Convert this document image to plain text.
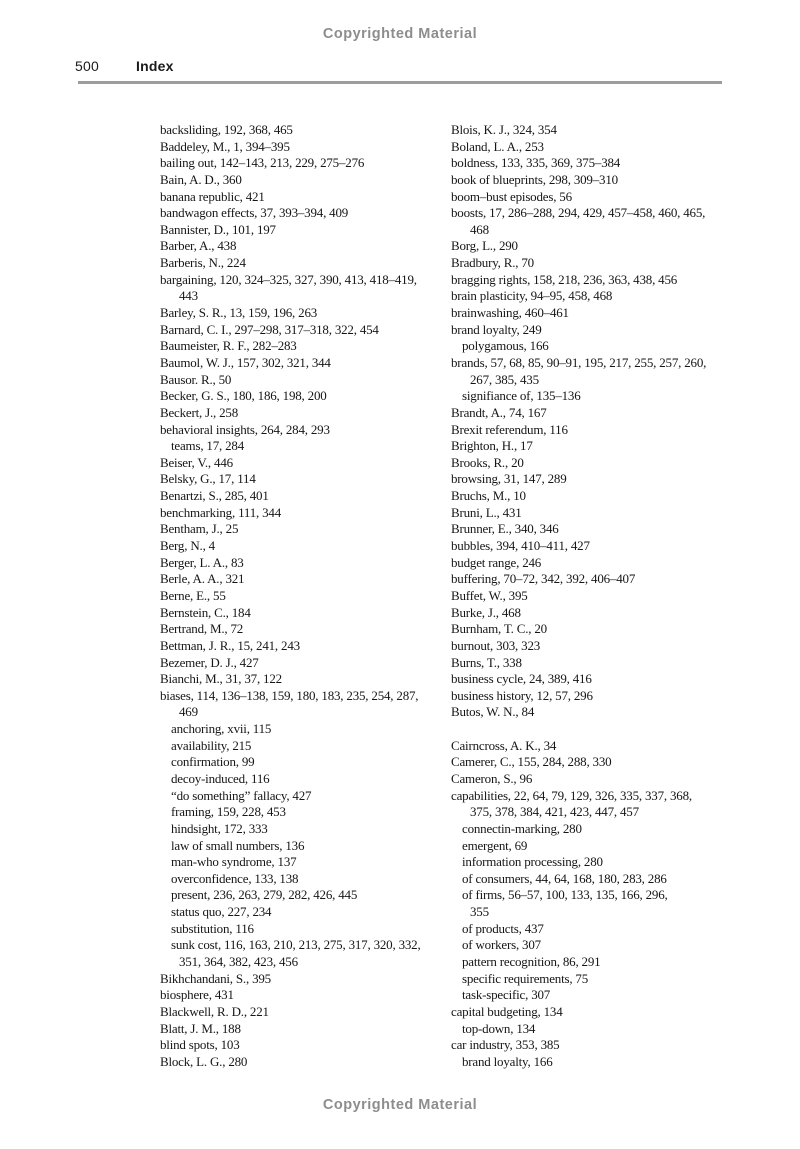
Copyrighted Material
500	Index
backsliding, 192, 368, 465
Baddeley, M., 1, 394–395
bailing out, 142–143, 213, 229, 275–276
Bain, A. D., 360
banana republic, 421
bandwagon effects, 37, 393–394, 409
Bannister, D., 101, 197
Barber, A., 438
Barberis, N., 224
bargaining, 120, 324–325, 327, 390, 413, 418–419,
443
Barley, S. R., 13, 159, 196, 263
Barnard, C. I., 297–298, 317–318, 322, 454
Baumeister, R. F., 282–283
Baumol, W. J., 157, 302, 321, 344
Bausor. R., 50
Becker, G. S., 180, 186, 198, 200
Beckert, J., 258
behavioral insights, 264, 284, 293
teams, 17, 284
Beiser, V., 446
Belsky, G., 17, 114
Benartzi, S., 285, 401
benchmarking, 111, 344
Bentham, J., 25
Berg, N., 4
Berger, L. A., 83
Berle, A. A., 321
Berne, E., 55
Bernstein, C., 184
Bertrand, M., 72
Bettman, J. R., 15, 241, 243
Bezemer, D. J., 427
Bianchi, M., 31, 37, 122
biases, 114, 136–138, 159, 180, 183, 235, 254, 287,
469
anchoring, xvii, 115
availability, 215
confirmation, 99
decoy-induced, 116
“do something” fallacy, 427
framing, 159, 228, 453
hindsight, 172, 333
law of small numbers, 136
man-who syndrome, 137
overconfidence, 133, 138
present, 236, 263, 279, 282, 426, 445
status quo, 227, 234
substitution, 116
sunk cost, 116, 163, 210, 213, 275, 317, 320, 332,
351, 364, 382, 423, 456
Bikhchandani, S., 395
biosphere, 431
Blackwell, R. D., 221
Blatt, J. M., 188
blind spots, 103
Block, L. G., 280
Blois, K. J., 324, 354
Boland, L. A., 253
boldness, 133, 335, 369, 375–384
book of blueprints, 298, 309–310
boom–bust episodes, 56
boosts, 17, 286–288, 294, 429, 457–458, 460, 465,
468
Borg, L., 290
Bradbury, R., 70
bragging rights, 158, 218, 236, 363, 438, 456
brain plasticity, 94–95, 458, 468
brainwashing, 460–461
brand loyalty, 249
polygamous, 166
brands, 57, 68, 85, 90–91, 195, 217, 255, 257, 260,
267, 385, 435
signifiance of, 135–136
Brandt, A., 74, 167
Brexit referendum, 116
Brighton, H., 17
Brooks, R., 20
browsing, 31, 147, 289
Bruchs, M., 10
Bruni, L., 431
Brunner, E., 340, 346
bubbles, 394, 410–411, 427
budget range, 246
buffering, 70–72, 342, 392, 406–407
Buffet, W., 395
Burke, J., 468
Burnham, T. C., 20
burnout, 303, 323
Burns, T., 338
business cycle, 24, 389, 416
business history, 12, 57, 296
Butos, W. N., 84

Cairncross, A. K., 34
Camerer, C., 155, 284, 288, 330
Cameron, S., 96
capabilities, 22, 64, 79, 129, 326, 335, 337, 368,
375, 378, 384, 421, 423, 447, 457
connectin-marking, 280
emergent, 69
information processing, 280
of consumers, 44, 64, 168, 180, 283, 286
of firms, 56–57, 100, 133, 135, 166, 296,
355
of products, 437
of workers, 307
pattern recognition, 86, 291
specific requirements, 75
task-specific, 307
capital budgeting, 134
top-down, 134
car industry, 353, 385
brand loyalty, 166
Copyrighted Material
